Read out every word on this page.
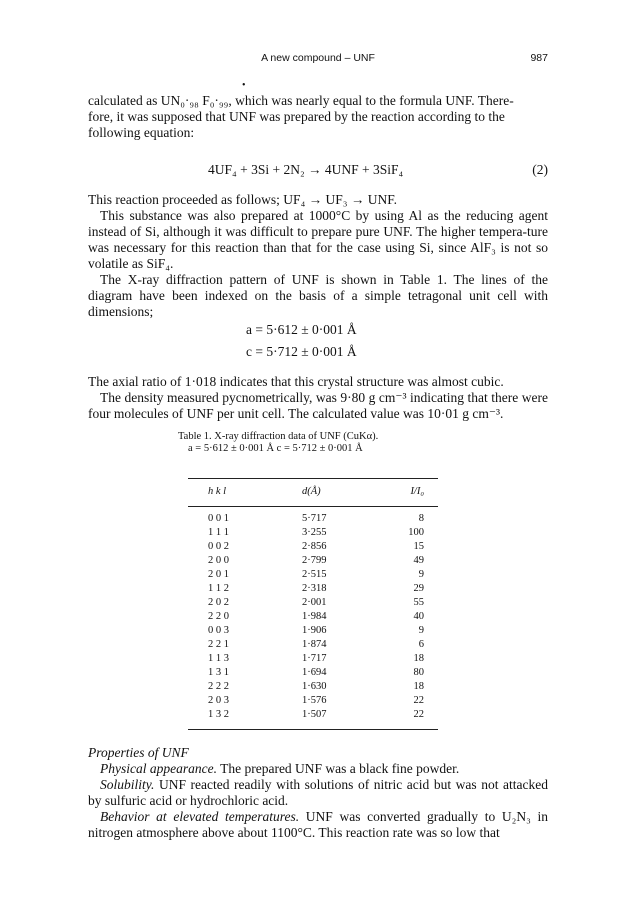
A new compound – UNF	987
•

calculated as UN₀·₉₈ F₀·₉₉, which was nearly equal to the formula UNF. There-

fore, it was supposed that UNF was prepared by the reaction according to the

following equation:

4UF₄ + 3Si + 2N₂ → 4UNF + 3SiF₄	(2)

This reaction proceeded as follows; UF₄ → UF₃ → UNF.

This substance was also prepared at 1000°C by using Al as the reducing agent instead of Si, although it was difficult to prepare pure UNF. The higher tempera-ture was necessary for this reaction than that for the case using Si, since AlF₃ is not so volatile as SiF₄.

The X-ray diffraction pattern of UNF is shown in Table 1. The lines of the diagram have been indexed on the basis of a simple tetragonal unit cell with dimensions;

a = 5·612 ± 0·001 Å
c = 5·712 ± 0·001 Å

The axial ratio of 1·018 indicates that this crystal structure was almost cubic.

The density measured pycnometrically, was 9·80 g cm⁻³ indicating that there were four molecules of UNF per unit cell. The calculated value was 10·01 g cm⁻³.

Table 1. X-ray diffraction data of UNF (CuKα).
a = 5·612 ± 0·001 Å c = 5·712 ± 0·001 Å
h k l	d(Å)	I/I₀
0 0 1	5·717	8
1 1 1	3·255	100
0 0 2	2·856	15
2 0 0	2·799	49
2 0 1	2·515	9
1 1 2	2·318	29
2 0 2	2·001	55
2 2 0	1·984	40
0 0 3	1·906	9
2 2 1	1·874	6
1 1 3	1·717	18
1 3 1	1·694	80
2 2 2	1·630	18
2 0 3	1·576	22
1 3 2	1·507	22

Properties of UNF

Physical appearance. The prepared UNF was a black fine powder.

Solubility. UNF reacted readily with solutions of nitric acid but was not attacked by sulfuric acid or hydrochloric acid.

Behavior at elevated temperatures. UNF was converted gradually to U₂N₃ in nitrogen atmosphere above about 1100°C. This reaction rate was so low that
